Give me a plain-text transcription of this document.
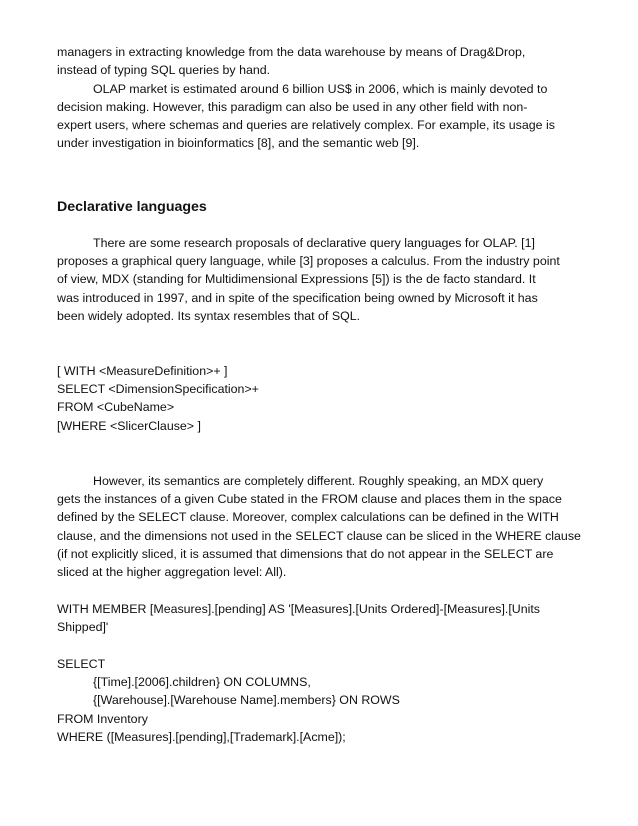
managers in extracting knowledge from the data warehouse by means of Drag&Drop,
instead of typing SQL queries by hand.
OLAP market is estimated around 6 billion US$ in 2006, which is mainly devoted to
decision making. However, this paradigm can also be used in any other field with non-
expert users, where schemas and queries are relatively complex. For example, its usage is
under investigation in bioinformatics [8], and the semantic web [9].
Declarative languages
There are some research proposals of declarative query languages for OLAP. [1]
proposes a graphical query language, while [3] proposes a calculus. From the industry point
of view, MDX (standing for Multidimensional Expressions [5]) is the de facto standard. It
was introduced in 1997, and in spite of the specification being owned by Microsoft it has
been widely adopted. Its syntax resembles that of SQL.
[ WITH <MeasureDefinition>+ ]
SELECT <DimensionSpecification>+
FROM <CubeName>
[WHERE <SlicerClause> ]
However, its semantics are completely different. Roughly speaking, an MDX query
gets the instances of a given Cube stated in the FROM clause and places them in the space
defined by the SELECT clause. Moreover, complex calculations can be defined in the WITH
clause, and the dimensions not used in the SELECT clause can be sliced in the WHERE clause
(if not explicitly sliced, it is assumed that dimensions that do not appear in the SELECT are
sliced at the higher aggregation level: All).
WITH MEMBER [Measures].[pending] AS '[Measures].[Units Ordered]-[Measures].[Units
Shipped]'
SELECT
{[Time].[2006].children} ON COLUMNS,
{[Warehouse].[Warehouse Name].members} ON ROWS
FROM Inventory
WHERE ([Measures].[pending],[Trademark].[Acme]);
